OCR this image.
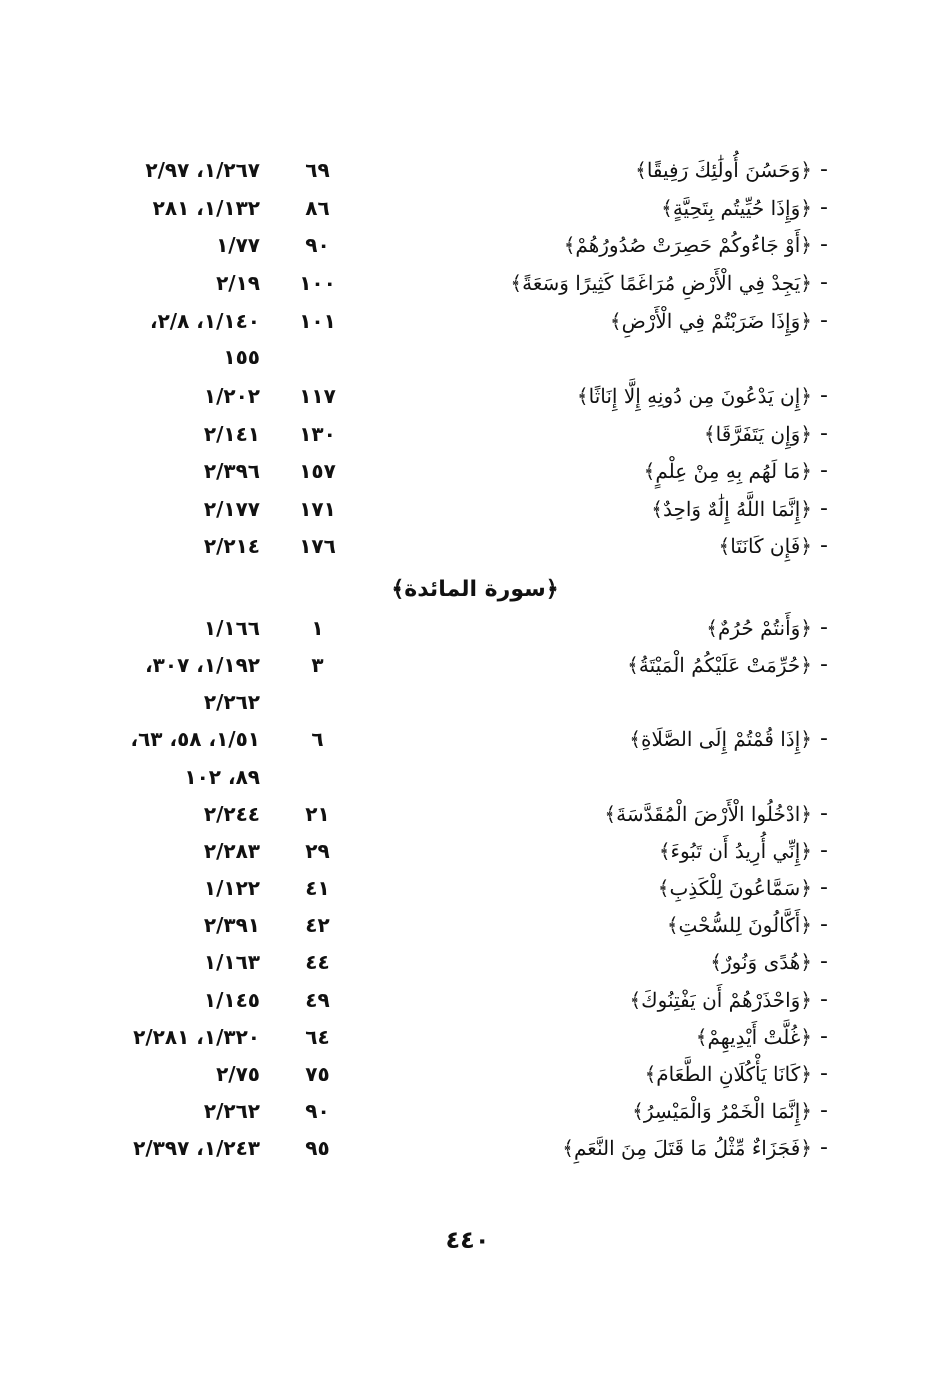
-
﴿وَحَسُنَ أُولَٰئِكَ رَفِيقًا﴾
٦٩
١/٢٦٧، ٢/٩٧
-
﴿وَإِذَا حُيِّيتُم بِتَحِيَّةٍ﴾
٨٦
١/١٣٢، ٢٨١
-
﴿أَوْ جَاءُوكُمْ حَصِرَتْ صُدُورُهُمْ﴾
٩٠
١/٧٧
-
﴿يَجِدْ فِي الْأَرْضِ مُرَاغَمًا كَثِيرًا وَسَعَةً﴾
١٠٠
٢/١٩
-
﴿وَإِذَا ضَرَبْتُمْ فِي الْأَرْضِ﴾
١٠١
١/١٤٠، ٢/٨،
١٥٥
-
﴿إِن يَدْعُونَ مِن دُونِهِ إِلَّا إِنَاثًا﴾
١١٧
١/٢٠٢
-
﴿وَإِن يَتَفَرَّقَا﴾
١٣٠
٢/١٤١
-
﴿مَا لَهُم بِهِ مِنْ عِلْمٍ﴾
١٥٧
٢/٣٩٦
-
﴿إِنَّمَا اللَّهُ إِلَٰهٌ وَاحِدٌ﴾
١٧١
٢/١٧٧
-
﴿فَإِن كَانَتَا﴾
١٧٦
٢/٢١٤
﴿سورة المائدة﴾
-
﴿وَأَنتُمْ حُرُمٌ﴾
١
١/١٦٦
-
﴿حُرِّمَتْ عَلَيْكُمُ الْمَيْتَةُ﴾
٣
١/١٩٢، ٣٠٧،
٢/٢٦٢
-
﴿إِذَا قُمْتُمْ إِلَى الصَّلَاةِ﴾
٦
١/٥١، ٥٨، ٦٣،
٨٩، ١٠٢
-
﴿ادْخُلُوا الْأَرْضَ الْمُقَدَّسَةَ﴾
٢١
٢/٢٤٤
-
﴿إِنِّي أُرِيدُ أَن تَبُوءَ﴾
٢٩
٢/٢٨٣
-
﴿سَمَّاعُونَ لِلْكَذِبِ﴾
٤١
١/١٢٢
-
﴿أَكَّالُونَ لِلسُّحْتِ﴾
٤٢
٢/٣٩١
-
﴿هُدًى وَنُورٌ﴾
٤٤
١/١٦٣
-
﴿وَاحْذَرْهُمْ أَن يَفْتِنُوكَ﴾
٤٩
١/١٤٥
-
﴿غُلَّتْ أَيْدِيهِمْ﴾
٦٤
١/٣٢٠، ٢/٢٨١
-
﴿كَانَا يَأْكُلَانِ الطَّعَامَ﴾
٧٥
٢/٧٥
-
﴿إِنَّمَا الْخَمْرُ وَالْمَيْسِرُ﴾
٩٠
٢/٢٦٢
-
﴿فَجَزَاءٌ مِّثْلُ مَا قَتَلَ مِنَ النَّعَمِ﴾
٩٥
١/٢٤٣، ٢/٣٩٧
٤٤٠
